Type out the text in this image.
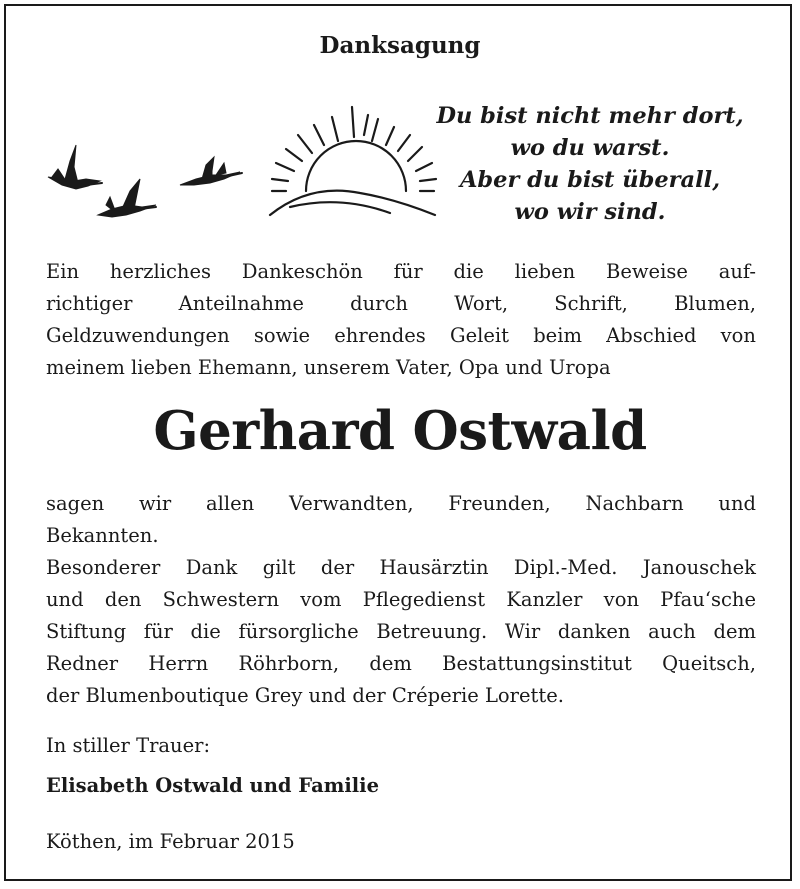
Danksagung
Du bist nicht mehr dort,
wo du warst.
Aber du bist überall,
wo wir sind.
Ein herzliches Dankeschön für die lieben Beweise auf-
richtiger Anteilnahme durch Wort, Schrift, Blumen,
Geldzuwendungen sowie ehrendes Geleit beim Abschied von
meinem lieben Ehemann, unserem Vater, Opa und Uropa
Gerhard Ostwald
sagen wir allen Verwandten, Freunden, Nachbarn und
Bekannten.
Besonderer Dank gilt der Hausärztin Dipl.-Med. Janouschek
und den Schwestern vom Pflegedienst Kanzler von Pfau‘sche
Stiftung für die fürsorgliche Betreuung. Wir danken auch dem
Redner Herrn Röhrborn, dem Bestattungsinstitut Queitsch,
der Blumenboutique Grey und der Créperie Lorette.
In stiller Trauer:
Elisabeth Ostwald und Familie
Köthen, im Februar 2015
